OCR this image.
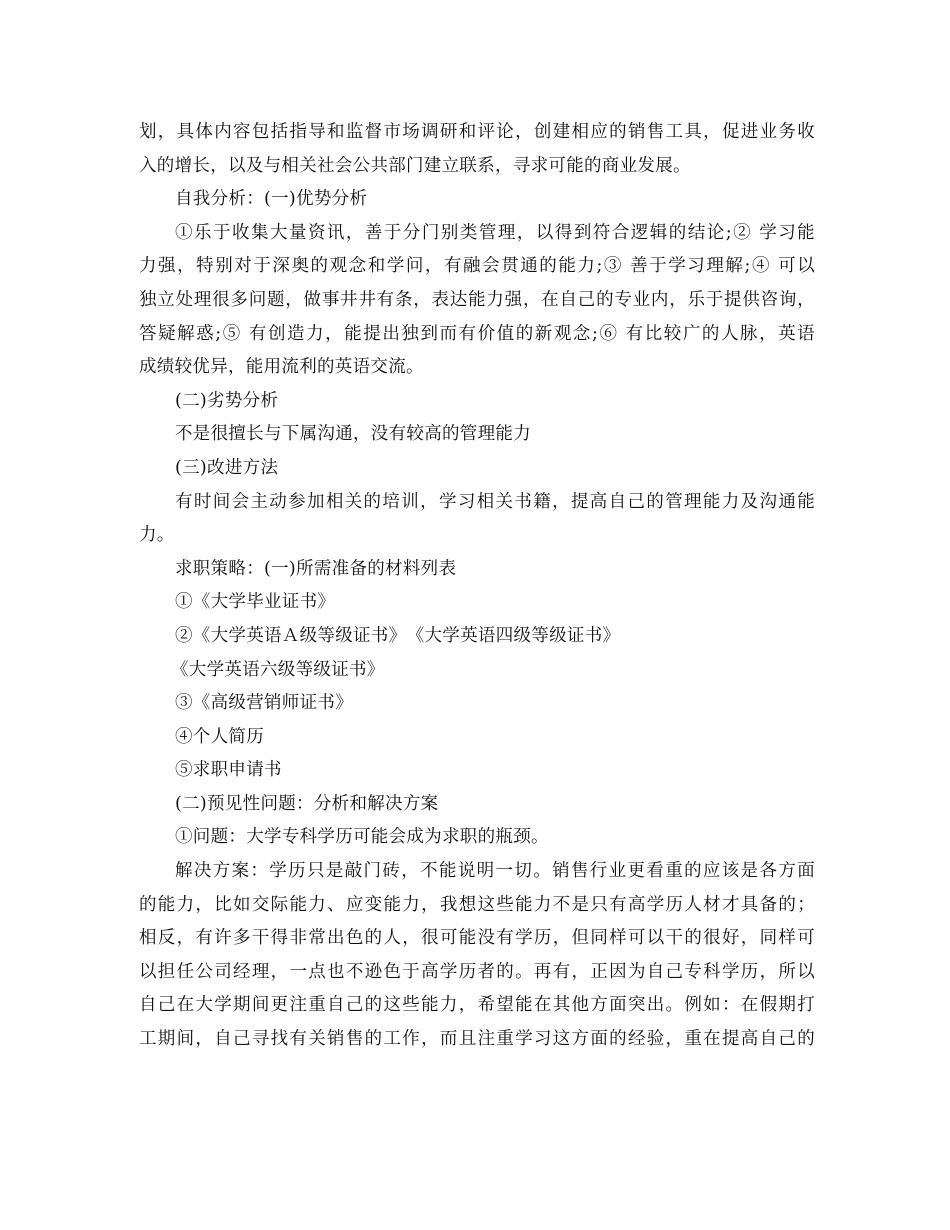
划，具体内容包括指导和监督市场调研和评论，创建相应的销售工具，促进业务收
入的增长，以及与相关社会公共部门建立联系，寻求可能的商业发展。
自我分析：(一)优势分析
①乐于收集大量资讯，善于分门别类管理，以得到符合逻辑的结论;② 学习能
力强，特别对于深奥的观念和学问，有融会贯通的能力;③ 善于学习理解;④ 可以
独立处理很多问题，做事井井有条，表达能力强，在自己的专业内，乐于提供咨询，
答疑解惑;⑤ 有创造力，能提出独到而有价值的新观念;⑥ 有比较广的人脉，英语
成绩较优异，能用流利的英语交流。
(二)劣势分析
不是很擅长与下属沟通，没有较高的管理能力
(三)改进方法
有时间会主动参加相关的培训，学习相关书籍，提高自己的管理能力及沟通能
力。
求职策略：(一)所需准备的材料列表
①《大学毕业证书》
②《大学英语Ａ级等级证书》　《大学英语四级等级证书》
《大学英语六级等级证书》
③《高级营销师证书》
④个人简历
⑤求职申请书
(二)预见性问题：分析和解决方案
①问题：大学专科学历可能会成为求职的瓶颈。
解决方案：学历只是敲门砖，不能说明一切。销售行业更看重的应该是各方面
的能力，比如交际能力、应变能力，我想这些能力不是只有高学历人材才具备的；
相反，有许多干得非常出色的人，很可能没有学历，但同样可以干的很好，同样可
以担任公司经理，一点也不逊色于高学历者的。再有，正因为自己专科学历，所以
自己在大学期间更注重自己的这些能力，希望能在其他方面突出。例如：在假期打
工期间，自己寻找有关销售的工作，而且注重学习这方面的经验，重在提高自己的
